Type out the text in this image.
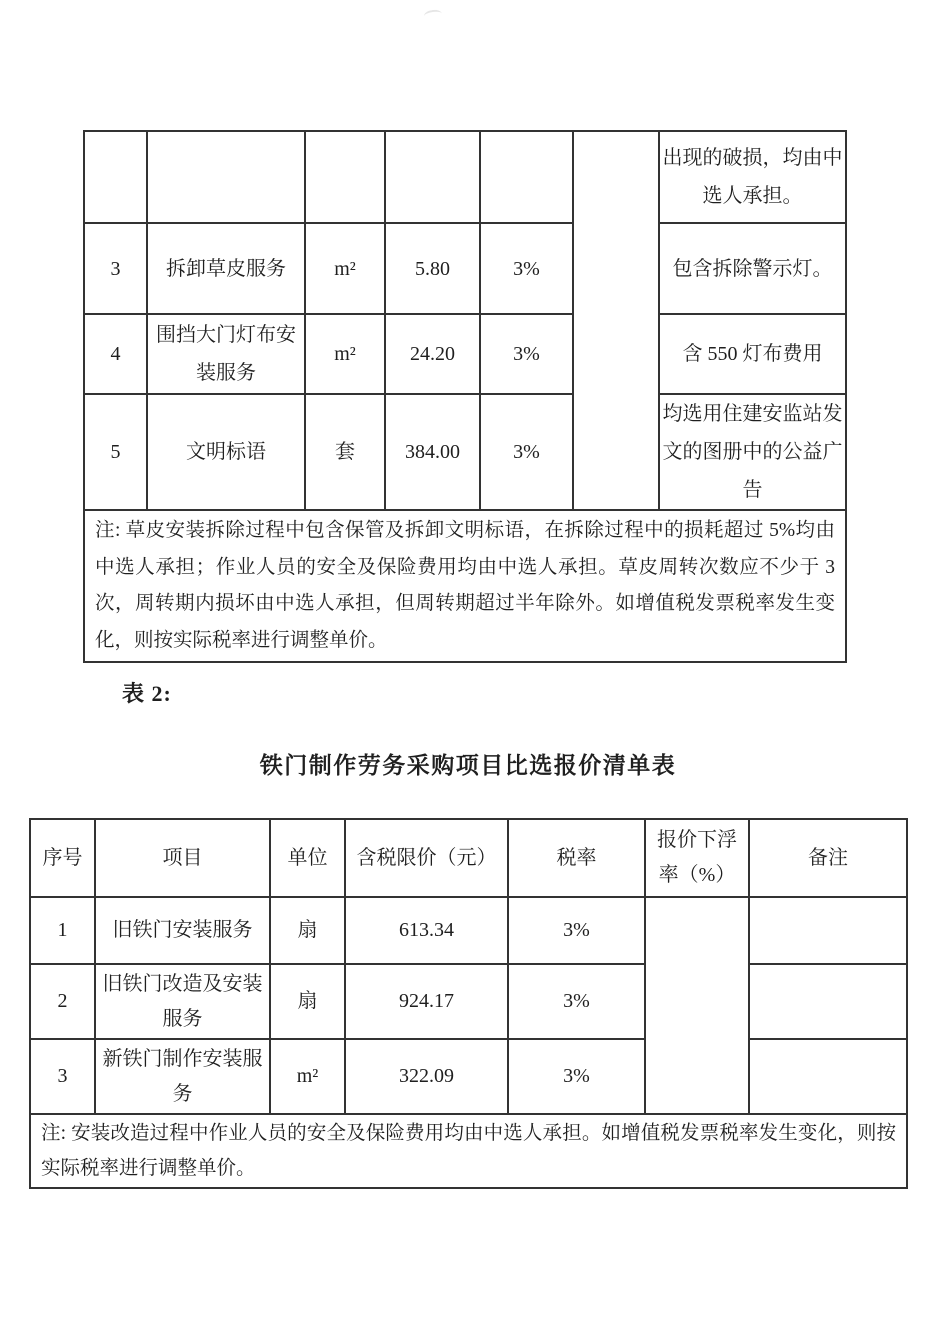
						出现的破损，均由中选人承担。
3	拆卸草皮服务	m²	5.80	3%		包含拆除警示灯。
4	围挡大门灯布安装服务	m²	24.20	3%		含 550 灯布费用
5	文明标语	套	384.00	3%		均选用住建安监站发文的图册中的公益广告
注: 草皮安装拆除过程中包含保管及拆卸文明标语，在拆除过程中的损耗超过 5%均由中选人承担；作业人员的安全及保险费用均由中选人承担。草皮周转次数应不少于 3 次，周转期内损坏由中选人承担，但周转期超过半年除外。如增值税发票税率发生变化，则按实际税率进行调整单价。						
表 2:
铁门制作劳务采购项目比选报价清单表
序号	项目	单位	含税限价（元）	税率	报价下浮率（%）	备注
1	旧铁门安装服务	扇	613.34	3%		
2	旧铁门改造及安装服务	扇	924.17	3%		
3	新铁门制作安装服务	m²	322.09	3%		
注: 安装改造过程中作业人员的安全及保险费用均由中选人承担。如增值税发票税率发生变化，则按实际税率进行调整单价。						
